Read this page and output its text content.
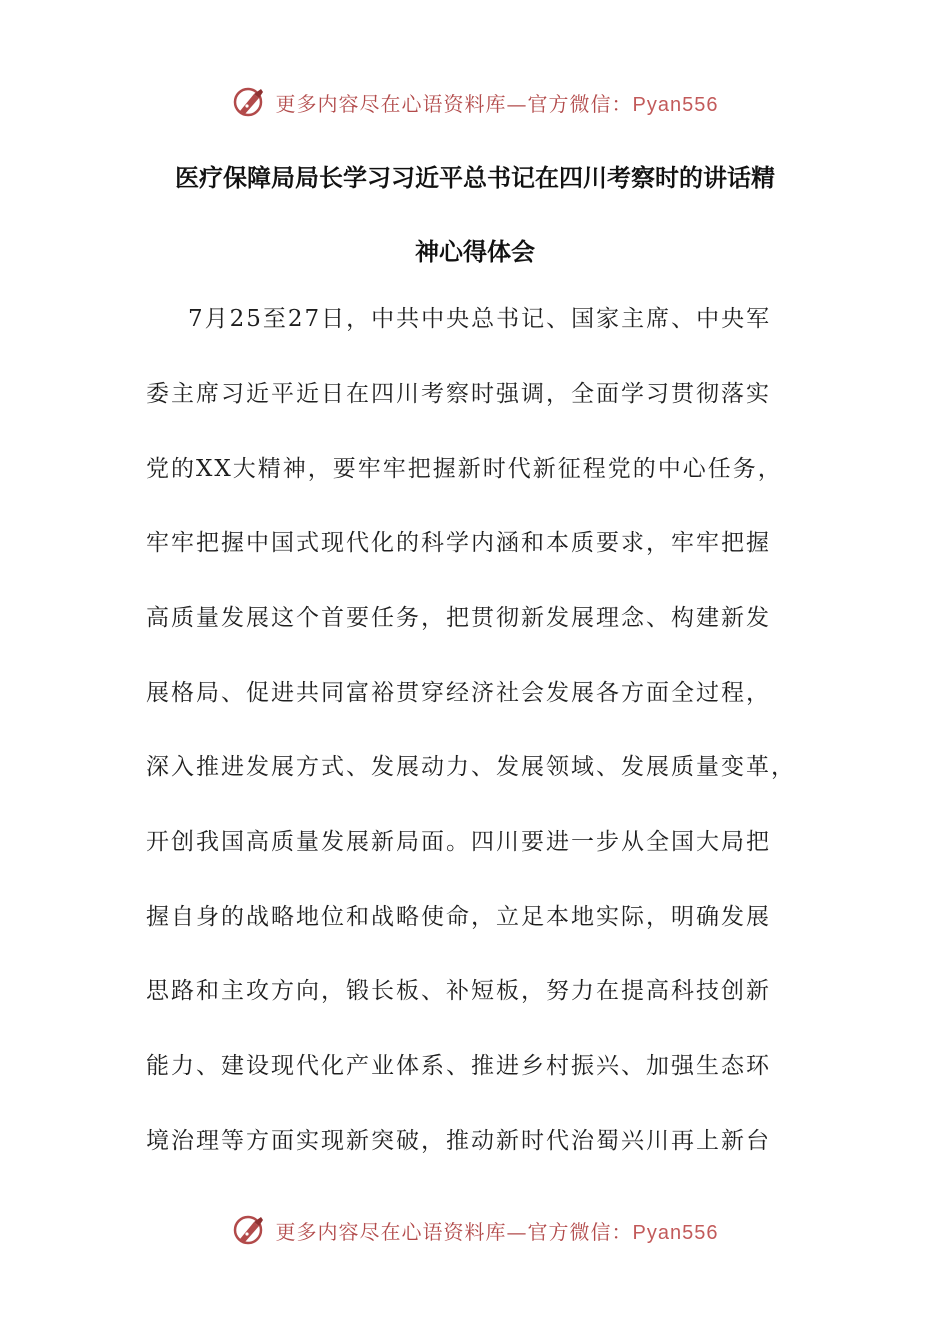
更多内容尽在心语资料库—官方微信：Pyan556
医疗保障局局长学习习近平总书记在四川考察时的讲话精
神心得体会
7月25至27日，中共中央总书记、国家主席、中央军
委主席习近平近日在四川考察时强调，全面学习贯彻落实
党的XX大精神，要牢牢把握新时代新征程党的中心任务，
牢牢把握中国式现代化的科学内涵和本质要求，牢牢把握
高质量发展这个首要任务，把贯彻新发展理念、构建新发
展格局、促进共同富裕贯穿经济社会发展各方面全过程，
深入推进发展方式、发展动力、发展领域、发展质量变革，
开创我国高质量发展新局面。四川要进一步从全国大局把
握自身的战略地位和战略使命，立足本地实际，明确发展
思路和主攻方向，锻长板、补短板，努力在提高科技创新
能力、建设现代化产业体系、推进乡村振兴、加强生态环
境治理等方面实现新突破，推动新时代治蜀兴川再上新台
更多内容尽在心语资料库—官方微信：Pyan556
